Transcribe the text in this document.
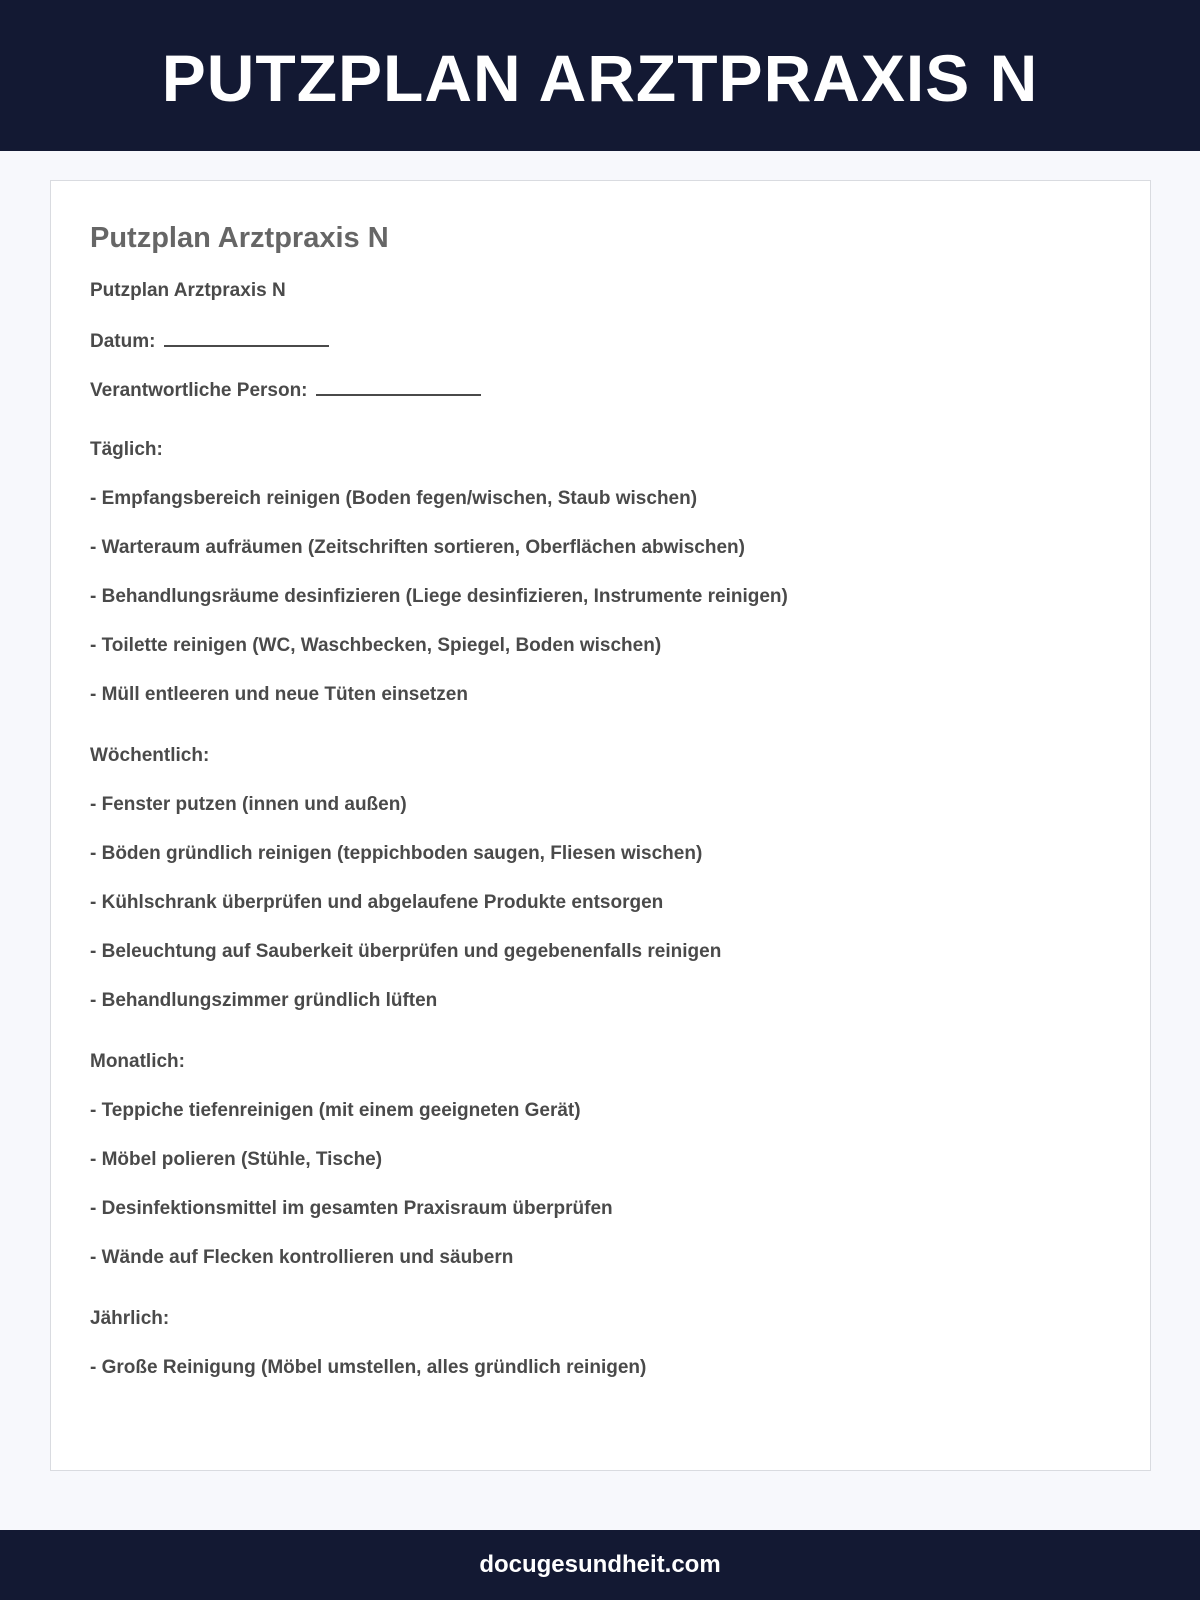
PUTZPLAN ARZTPRAXIS N
Putzplan Arztpraxis N
Putzplan Arztpraxis N
Datum:
Verantwortliche Person:
Täglich:
- Empfangsbereich reinigen (Boden fegen/wischen, Staub wischen)
- Warteraum aufräumen (Zeitschriften sortieren, Oberflächen abwischen)
- Behandlungsräume desinfizieren (Liege desinfizieren, Instrumente reinigen)
- Toilette reinigen (WC, Waschbecken, Spiegel, Boden wischen)
- Müll entleeren und neue Tüten einsetzen
Wöchentlich:
- Fenster putzen (innen und außen)
- Böden gründlich reinigen (teppichboden saugen, Fliesen wischen)
- Kühlschrank überprüfen und abgelaufene Produkte entsorgen
- Beleuchtung auf Sauberkeit überprüfen und gegebenenfalls reinigen
- Behandlungszimmer gründlich lüften
Monatlich:
- Teppiche tiefenreinigen (mit einem geeigneten Gerät)
- Möbel polieren (Stühle, Tische)
- Desinfektionsmittel im gesamten Praxisraum überprüfen
- Wände auf Flecken kontrollieren und säubern
Jährlich:
- Große Reinigung (Möbel umstellen, alles gründlich reinigen)
docugesundheit.com
